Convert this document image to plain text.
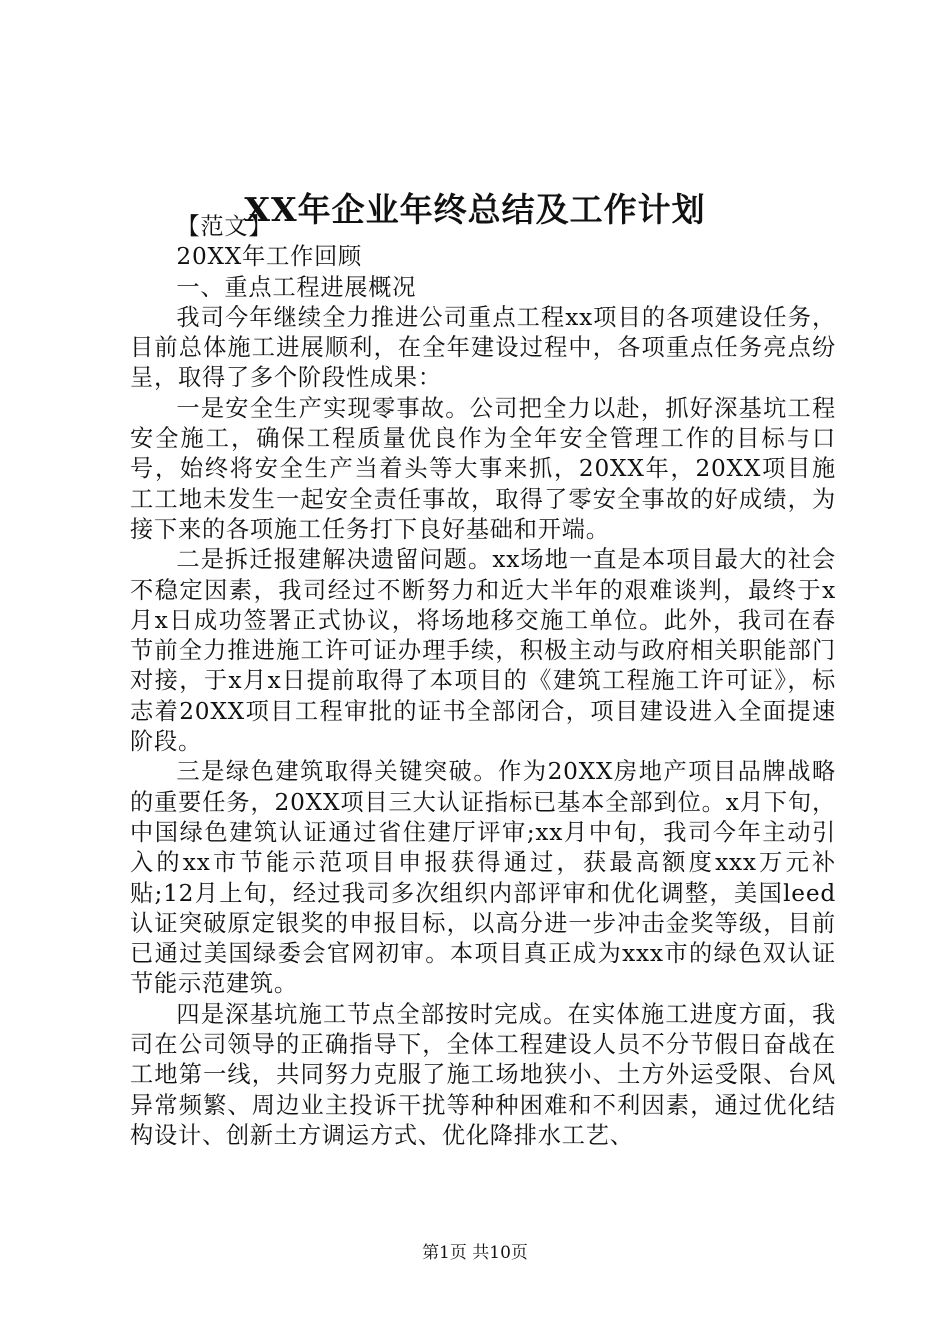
XX年企业年终总结及工作计划

【范文】

20XX年工作回顾

一、重点工程进展概况

我司今年继续全力推进公司重点工程xx项目的各项建设任务，目前总体施工进展顺利，在全年建设过程中，各项重点任务亮点纷呈，取得了多个阶段性成果：

一是安全生产实现零事故。公司把全力以赴，抓好深基坑工程安全施工，确保工程质量优良作为全年安全管理工作的目标与口号，始终将安全生产当着头等大事来抓，20XX年，20XX项目施工工地未发生一起安全责任事故，取得了零安全事故的好成绩，为接下来的各项施工任务打下良好基础和开端。

二是拆迁报建解决遗留问题。xx场地一直是本项目最大的社会不稳定因素，我司经过不断努力和近大半年的艰难谈判，最终于x月x日成功签署正式协议，将场地移交施工单位。此外，我司在春节前全力推进施工许可证办理手续，积极主动与政府相关职能部门对接，于x月x日提前取得了本项目的《建筑工程施工许可证》，标志着20XX项目工程审批的证书全部闭合，项目建设进入全面提速阶段。

三是绿色建筑取得关键突破。作为20XX房地产项目品牌战略的重要任务，20XX项目三大认证指标已基本全部到位。x月下旬，中国绿色建筑认证通过省住建厅评审;xx月中旬，我司今年主动引入的xx市节能示范项目申报获得通过，获最高额度xxx万元补贴;12月上旬，经过我司多次组织内部评审和优化调整，美国leed认证突破原定银奖的申报目标，以高分进一步冲击金奖等级，目前已通过美国绿委会官网初审。本项目真正成为xxx市的绿色双认证节能示范建筑。

四是深基坑施工节点全部按时完成。在实体施工进度方面，我司在公司领导的正确指导下，全体工程建设人员不分节假日奋战在工地第一线，共同努力克服了施工场地狭小、土方外运受限、台风异常频繁、周边业主投诉干扰等种种困难和不利因素，通过优化结构设计、创新土方调运方式、优化降排水工艺、

第1页 共10页
